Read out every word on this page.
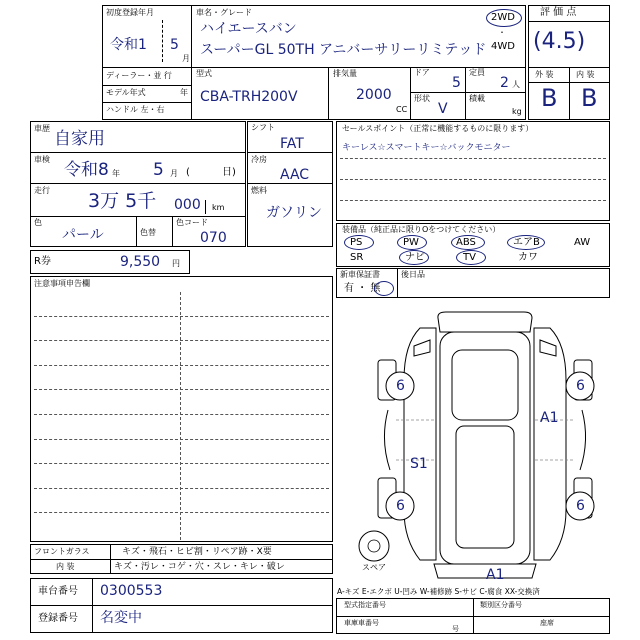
初度登録年月
令和1 5
月
車名・グレード
ハイエースバン
スーパーGL 50TH アニバーサリーリミテッド
2WD
・
4WD
ディーラー・並 行
モデル年式	年
ハンドル 左・右
型式
CBA-TRH200V
排気量
2000
CC
ドア
5
定員
2 人
形状
V
積載
kg
評 価 点
(4.5)
外 装	内 装
B B
車歴
自家用
車検
令和8 年 5 月 (	日)
走行 3万 5千 000 km
色
パール	色替
色コード
070
シフト
FAT
冷房
AAC
燃料
ガソリン
R券	9,550 円
セールスポイント（正常に機能するものに限ります）
キーレス☆スマートキー☆バックモニター
装備品（純正品に限りΟをつけてください）
PS	PW	ABS	エアB	AW
SR	ナビ	TV	カワ
新車保証書
有 ・ 無
後日品
注意事項申告欄
6	6
6	6
A1
S1
A1
スペア
フロントガラス	キズ・飛石・ヒビ割・リペア跡・X要
内 装	キズ・汚レ・コゲ・穴・スレ・キレ・破レ
車台番号 0300553
登録番号 名変中
A-キズ E-エクボ U-凹み W-補修跡 S-サビ C-腐食 XX-交換済
型式指定番号	類別区分番号
車庫車番号
号
座席
